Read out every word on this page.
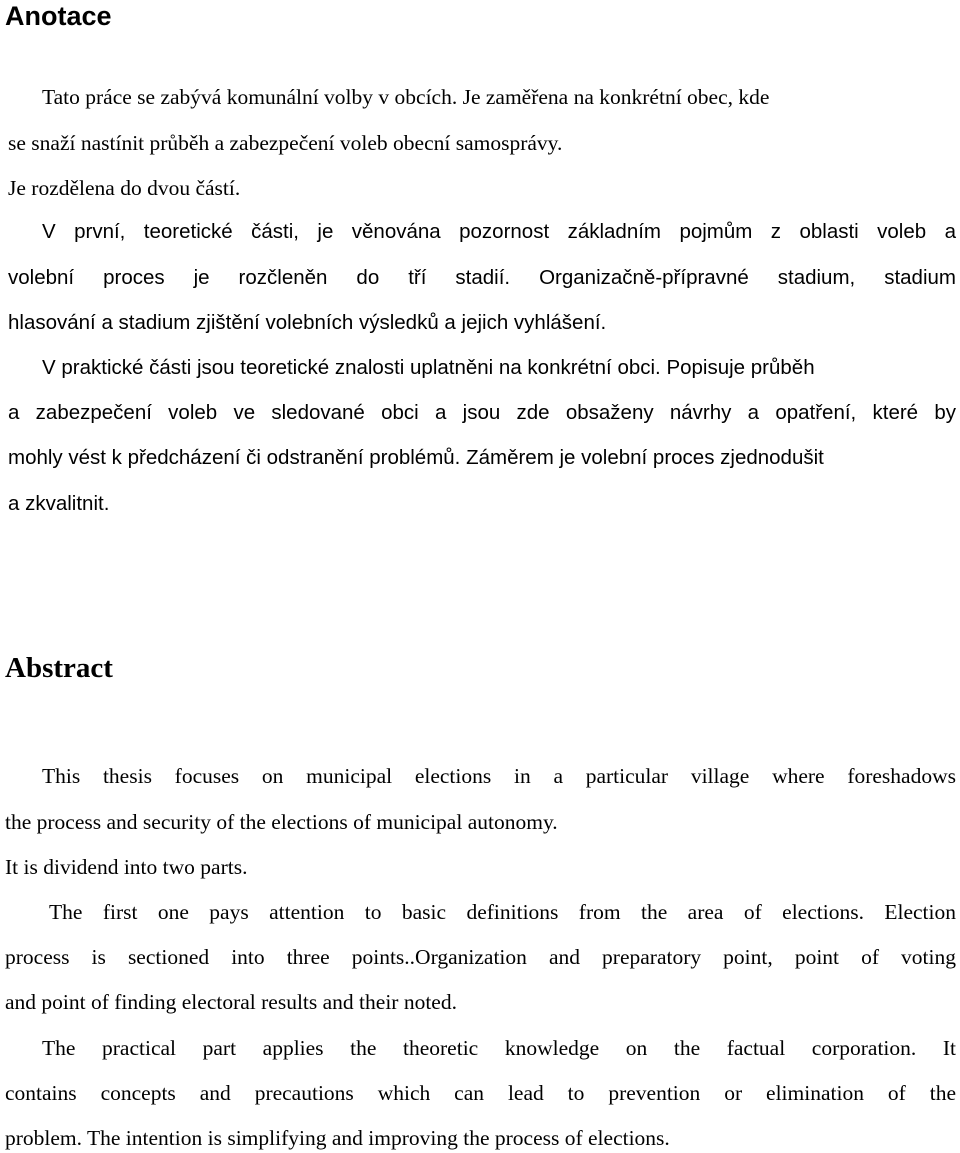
Anotace

Tato práce se zabývá komunální volby v obcích. Je zaměřena na konkrétní obec, kde

se snaží nastínit průběh a zabezpečení voleb obecní samosprávy.

Je rozdělena do dvou částí.

V první, teoretické části, je věnována pozornost základním pojmům z oblasti voleb a

volební proces je rozčleněn do tří stadií. Organizačně-přípravné stadium, stadium

hlasování a stadium zjištění volebních výsledků a jejich vyhlášení.

V praktické části jsou teoretické znalosti uplatněni na konkrétní obci. Popisuje průběh

a zabezpečení voleb ve sledované obci a jsou zde obsaženy návrhy a opatření, které by

mohly vést k předcházení či odstranění problémů. Záměrem je volební proces zjednodušit

a zkvalitnit.

Abstract

This thesis focuses on municipal elections in a particular village where foreshadows

the process and security of the elections of municipal autonomy.

It is dividend into two parts.

The first one pays attention to basic definitions from the area of elections. Election

process is sectioned into three points..Organization and preparatory point, point of voting

and point of finding electoral results and their noted.

The practical part applies the theoretic knowledge on the factual corporation. It

contains concepts and precautions which can lead to prevention or elimination of the

problem. The intention is simplifying and improving the process of elections.
